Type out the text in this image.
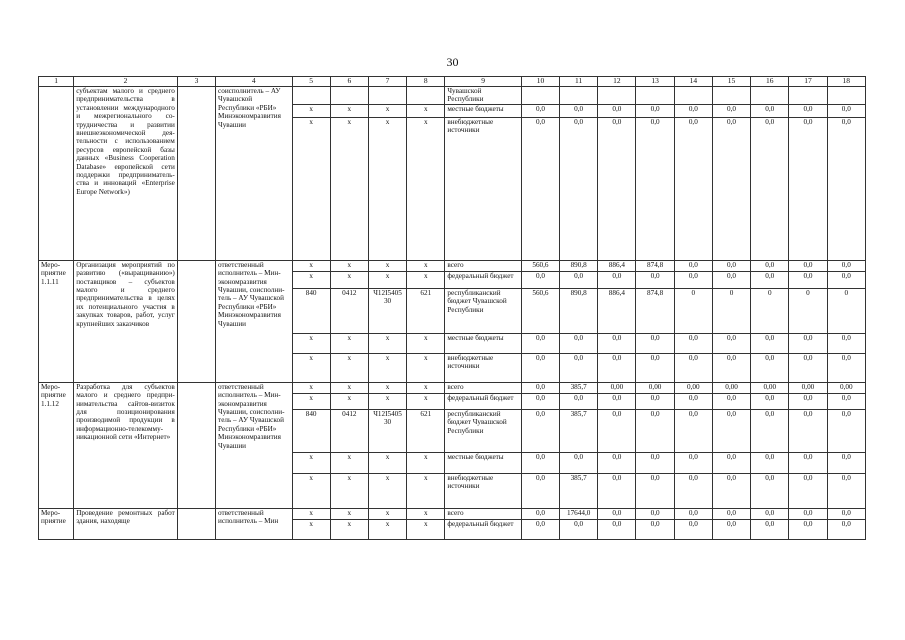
30
1	2	3	4	5	6	7	8	9	10	11	12	13	14	15	16	17	18
	субъектам малого и среднего предпринимательства в установлении международного и межрегионального сотрудничества и развитии внешнеэкономической деятельности с использованием ресурсов европейской базы данных «Business Cooperation Database» европейской сети поддержки предпринимательства и инноваций «Enterprise Europe Network»)		соисполнитель – АУ Чувашской Республики «РБИ» Минэкономразвития Чувашии					Чувашской Республики									
				x	x	x	x	местные бюджеты	0,0	0,0	0,0	0,0	0,0	0,0	0,0	0,0	0,0
				x	x	x	x	внебюджетные источники	0,0	0,0	0,0	0,0	0,0	0,0	0,0	0,0	0,0
Мероприятие 1.1.11	Организация мероприятий по развитию («выращиванию») поставщиков – субъектов малого и среднего предпринимательства в целях их потенциального участия в закупках товаров, работ, услуг крупнейших заказчиков		ответственный исполнитель – Минэкономразвития Чувашии, соисполнитель – АУ Чувашской Республики «РБИ» Минэкономразвития Чувашии	x	x	x	x	всего	560,6	890,8	886,4	874,8	0,0	0,0	0,0	0,0	0,0
				x	x	x	x	федеральный бюджет	0,0	0,0	0,0	0,0	0,0	0,0	0,0	0,0	0,0
				840	0412	Ч12I5405 30	621	республиканский бюджет Чувашской Республики	560,6	890,8	886,4	874,8	0	0	0	0	0
				x	x	x	x	местные бюджеты	0,0	0,0	0,0	0,0	0,0	0,0	0,0	0,0	0,0
				x	x	x	x	внебюджетные источники	0,0	0,0	0,0	0,0	0,0	0,0	0,0	0,0	0,0
Мероприятие 1.1.12	Разработка для субъектов малого и среднего предпринимательства сайтов-визиток для позиционирования производимой продукции в информационно-телекоммуникационной сети «Интернет»		ответственный исполнитель – Минэкономразвития Чувашии, соисполнитель – АУ Чувашской Республики «РБИ» Минэкономразвития Чувашии	x	x	x	x	всего	0,0	385,7	0,00	0,00	0,00	0,00	0,00	0,00	0,00
				x	x	x	x	федеральный бюджет	0,0	0,0	0,0	0,0	0,0	0,0	0,0	0,0	0,0
				840	0412	Ч12I5405 30	621	республиканский бюджет Чувашской Республики	0,0	385,7	0,0	0,0	0,0	0,0	0,0	0,0	0,0
				x	x	x	x	местные бюджеты	0,0	0,0	0,0	0,0	0,0	0,0	0,0	0,0	0,0
				x	x	x	x	внебюджетные источники	0,0	385,7	0,0	0,0	0,0	0,0	0,0	0,0	0,0
Мероприятие	Проведение ремонтных работ здания, находяще		ответственный исполнитель – Мин	x	x	x	x	всего	0,0	17644,0	0,0	0,0	0,0	0,0	0,0	0,0	0,0
				x	x	x	x	федеральный бюджет	0,0	0,0	0,0	0,0	0,0	0,0	0,0	0,0	0,0
